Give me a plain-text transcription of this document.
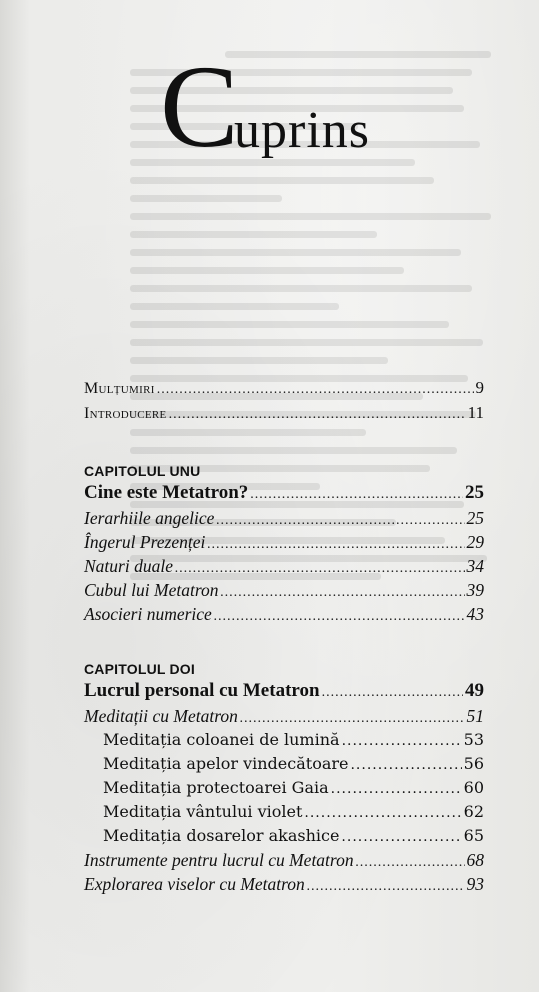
C
uprins
Mulțumiri .....	9
Introducere .....	11
CAPITOLUL UNU
Cine este Metatron? .....	25
Ierarhiile angelice .....	25
Îngerul Prezenței .....	29
Naturi duale .....	34
Cubul lui Metatron .....	39
Asocieri numerice .....	43
CAPITOLUL DOI
Lucrul personal cu Metatron .....	49
Meditații cu Metatron .....	51
Meditația coloanei de lumină .....	53
Meditația apelor vindecătoare .....	56
Meditația protectoarei Gaia .....	60
Meditația vântului violet .....	62
Meditația dosarelor akashice .....	65
Instrumente pentru lucrul cu Metatron .....	68
Explorarea viselor cu Metatron .....	93
